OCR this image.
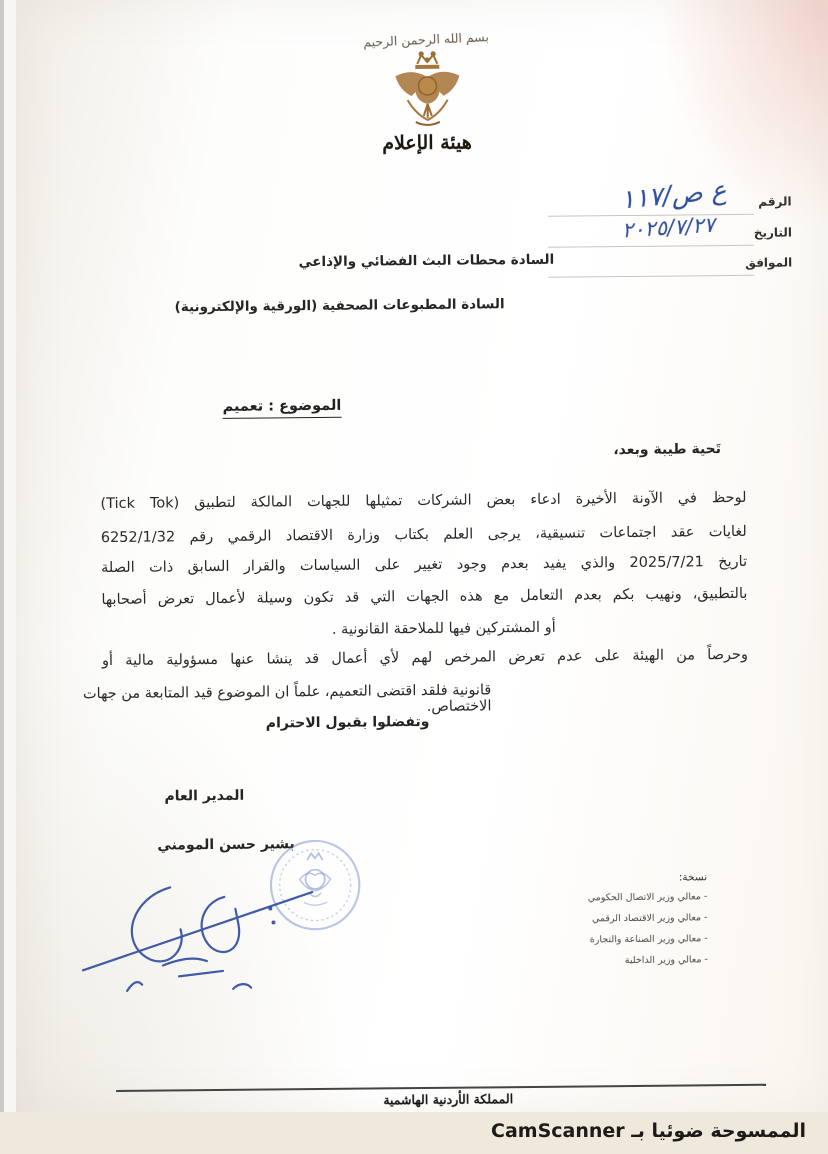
بسم الله الرحمن الرحيم
هيئة الإعلام
الرقم
ع ص/١١٧
التاريخ
٢٠٢٥/٧/٢٧
الموافق
السادة محطات البث الفضائي والإذاعي
السادة المطبوعات الصحفية (الورقية والإلكترونية)
الموضوع : تعميم
تَحية طيبة وبعد،
لوحظ في الآونة الأخيرة ادعاء بعض الشركات تمثيلها للجهات المالكة لتطبيق (Tick Tok)
لغايات عقد اجتماعات تنسيقية، يرجى العلم بكتاب وزارة الاقتصاد الرقمي رقم 6252/1/32
تاريخ 2025/7/21 والذي يفيد بعدم وجود تغيير على السياسات والقرار السابق ذات الصلة
بالتطبيق، ونهيب بكم بعدم التعامل مع هذه الجهات التي قد تكون وسيلة لأعمال تعرض أصحابها
أو المشتركين فيها للملاحقة القانونية .
وحرصاً من الهيئة على عدم تعرض المرخص لهم لأي أعمال قد ينشا عنها مسؤولية مالية أو
قانونية فلقد اقتضى التعميم، علماً ان الموضوع قيد المتابعة من جهات الاختصاص.
وتفضلوا بقبول الاحترام
المدير العام
بشير حسن المومني
نسخة:
- معالي وزير الاتصال الحكومي
- معالي وزير الاقتصاد الرقمي
- معالي وزير الصناعة والتجارة
- معالي وزير الداخلية
المملكة الأردنية الهاشمية
الممسوحة ضوئيا بـ CamScanner
